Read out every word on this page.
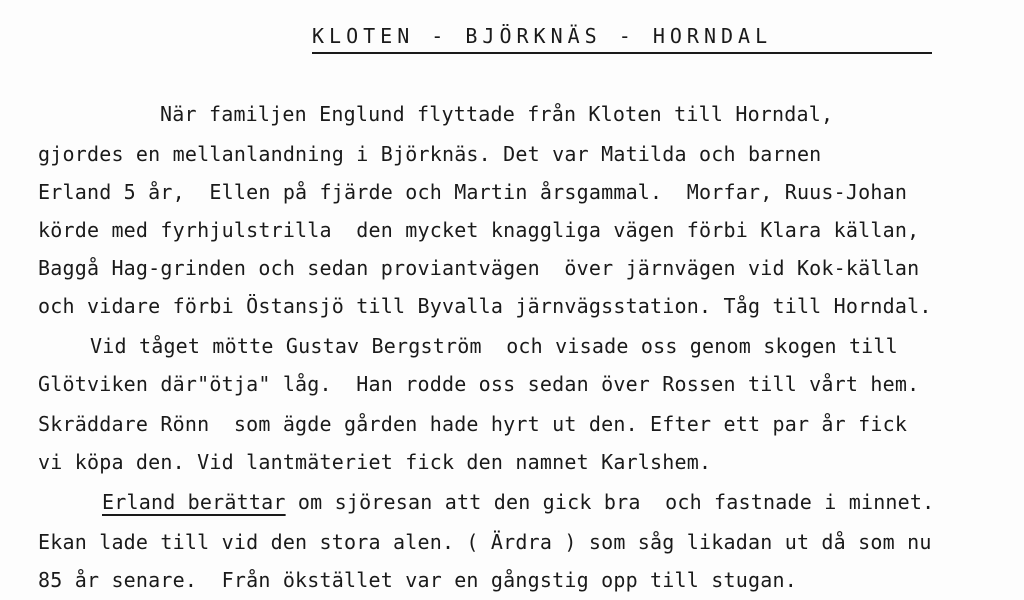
KLOTEN - BJÖRKNÄS - HORNDAL
När familjen Englund flyttade från Kloten till Horndal,
gjordes en mellanlandning i Björknäs. Det var Matilda och barnen
Erland 5 år,  Ellen på fjärde och Martin årsgammal.  Morfar, Ruus-Johan
körde med fyrhjulstrilla  den mycket knaggliga vägen förbi Klara källan,
Baggå Hag-grinden och sedan proviantvägen  över järnvägen vid Kok-källan
och vidare förbi Östansjö till Byvalla järnvägsstation. Tåg till Horndal.
Vid tåget mötte Gustav Bergström  och visade oss genom skogen till
Glötviken där"ötja" låg.  Han rodde oss sedan över Rossen till vårt hem.
Skräddare Rönn  som ägde gården hade hyrt ut den. Efter ett par år fick
vi köpa den. Vid lantmäteriet fick den namnet Karlshem.
Erland berättar om sjöresan att den gick bra  och fastnade i minnet.
Ekan lade till vid den stora alen. ( Ärdra ) som såg likadan ut då som nu
85 år senare.  Från ökstället var en gångstig opp till stugan.
